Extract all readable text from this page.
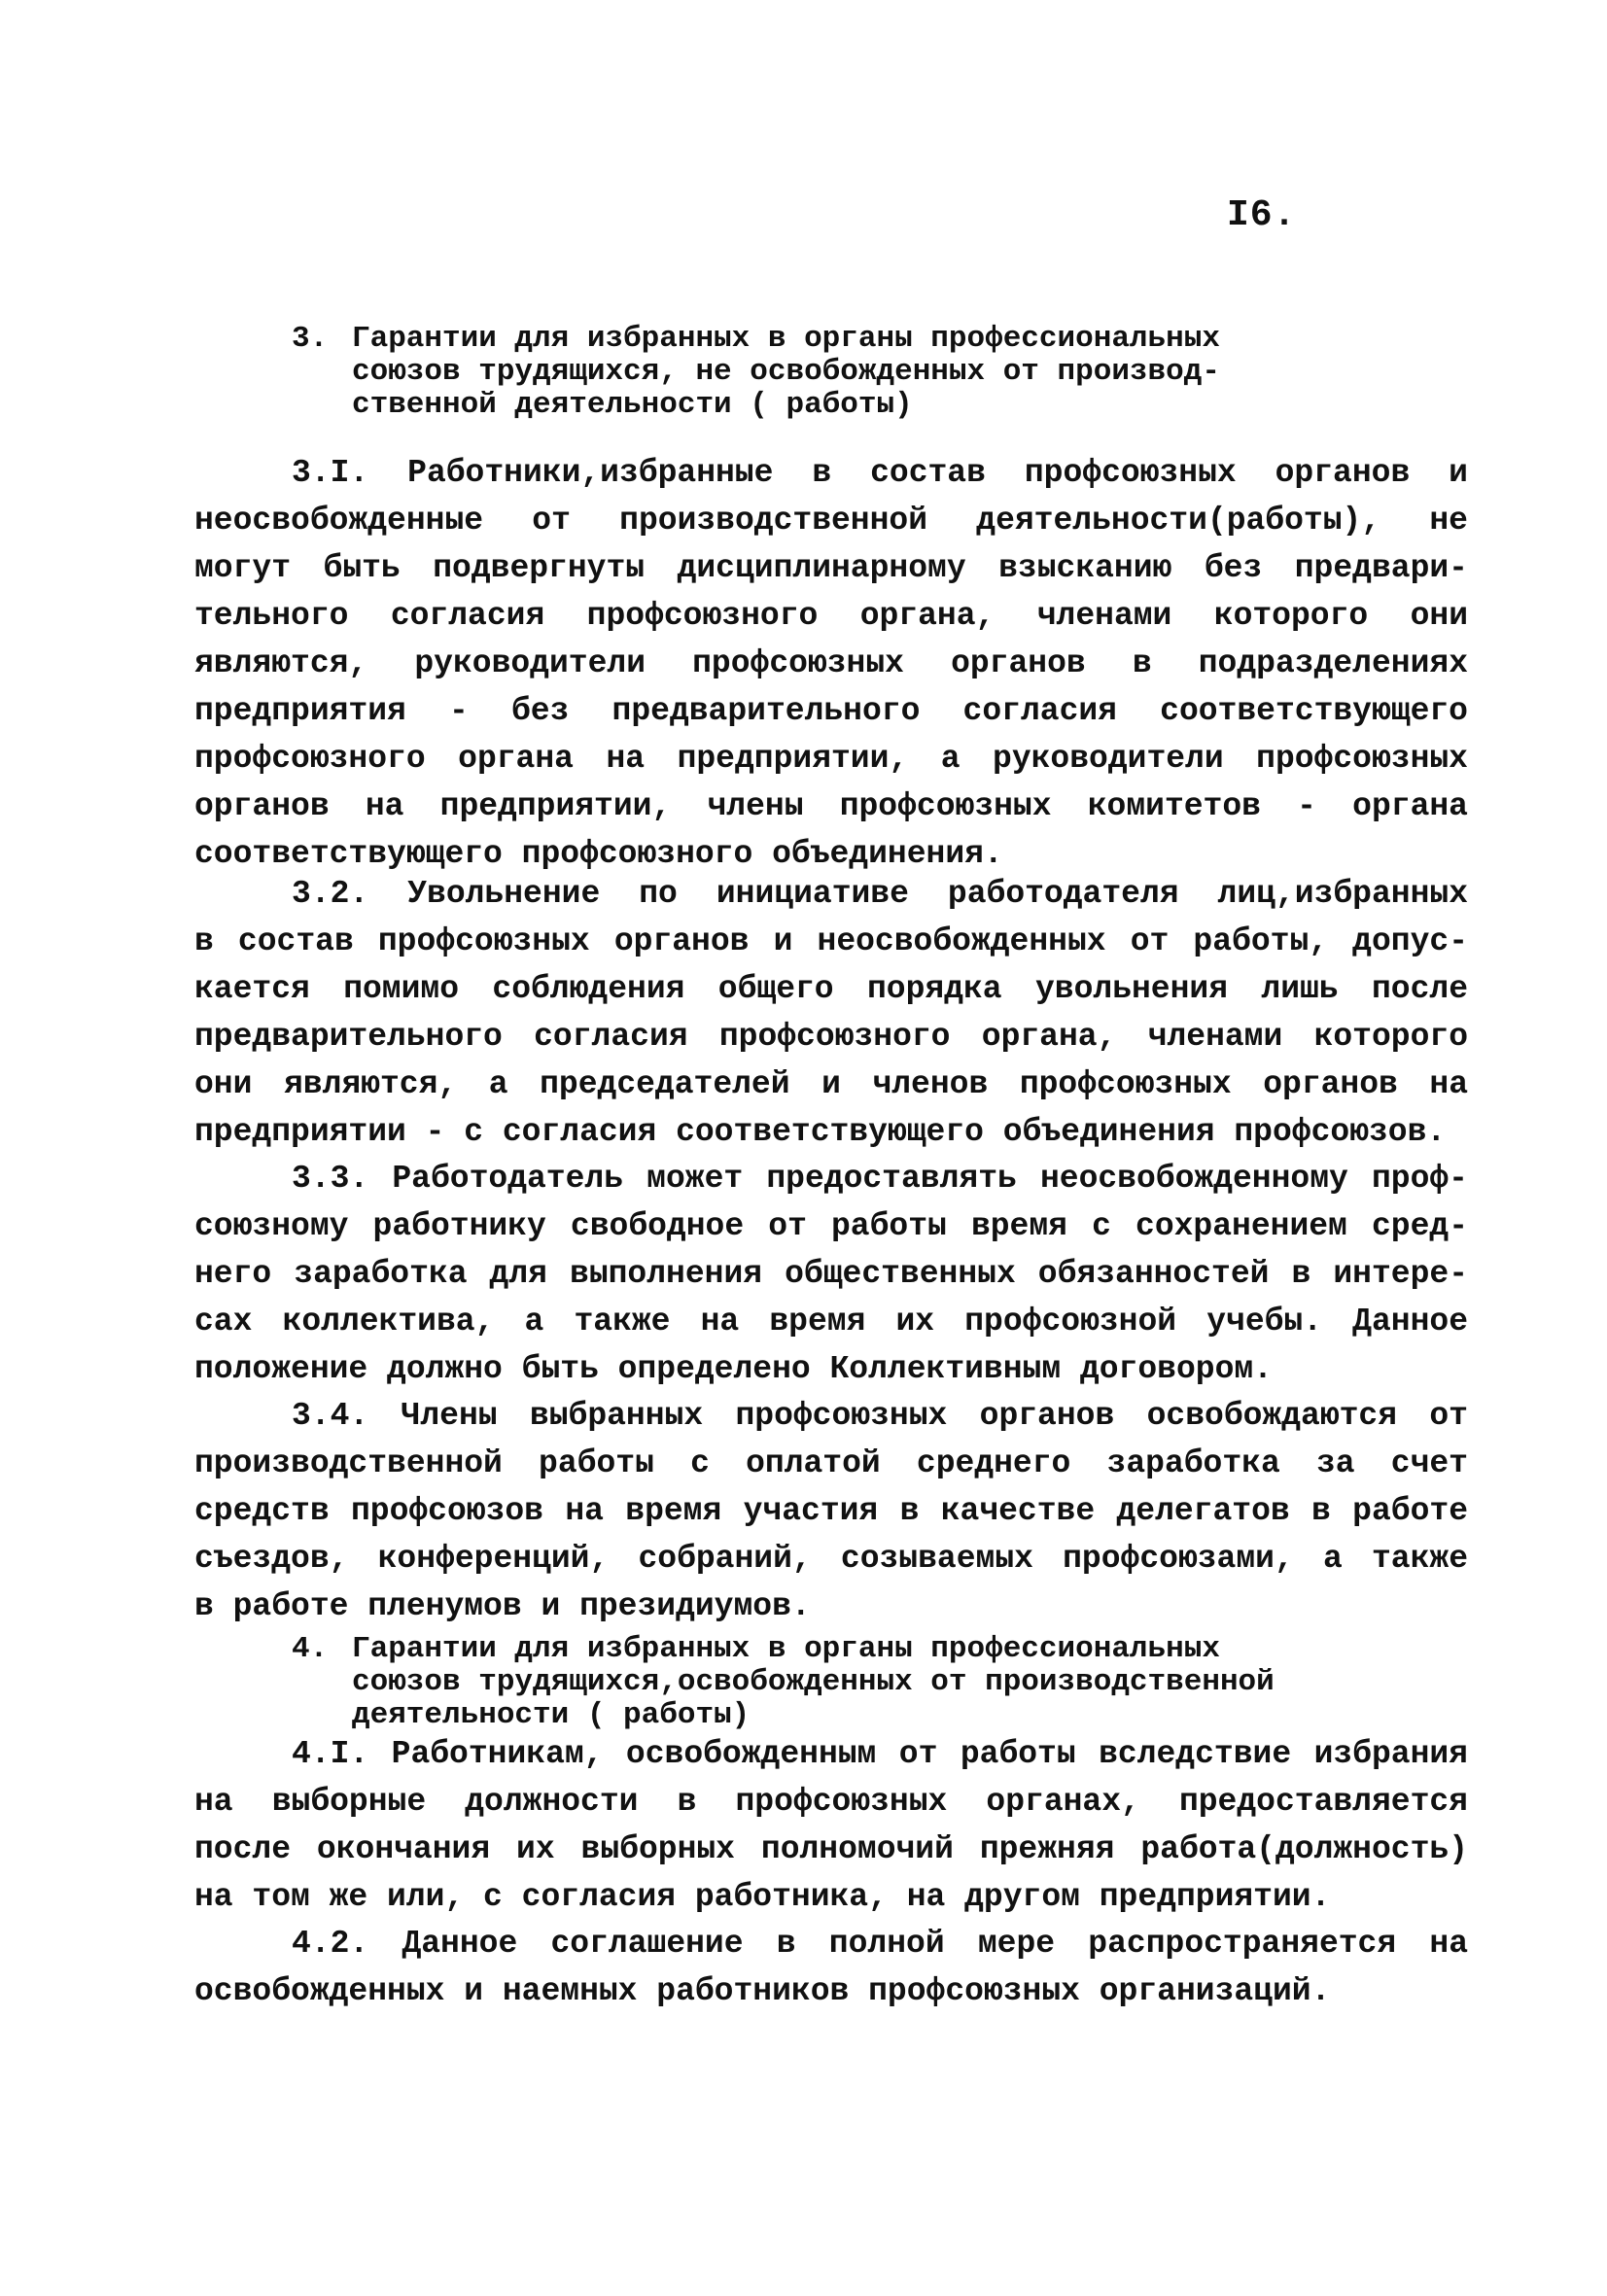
I6.
3. Гарантии для избранных в органы профессиональных
союзов трудящихся, не освобожденных от производ-
ственной деятельности ( работы)
3.I. Работники,избранные в состав профсоюзных органов и
неосвобожденные от производственной деятельности(работы), не
могут быть подвергнуты дисциплинарному взысканию без предвари-
тельного согласия профсоюзного органа, членами которого они
являются, руководители профсоюзных органов в подразделениях
предприятия - без предварительного согласия соответствующего
профсоюзного органа на предприятии, а руководители профсоюзных
органов на предприятии, члены профсоюзных комитетов - органа
соответствующего профсоюзного объединения.
3.2. Увольнение по инициативе работодателя лиц,избранных
в состав профсоюзных органов и неосвобожденных от работы, допус-
кается помимо соблюдения общего порядка увольнения лишь после
предварительного согласия профсоюзного органа, членами которого
они являются, а председателей и членов профсоюзных органов на
предприятии - с согласия соответствующего объединения профсоюзов.
3.3. Работодатель может предоставлять неосвобожденному проф-
союзному работнику свободное от работы время с сохранением сред-
него заработка для выполнения общественных обязанностей в интере-
сах коллектива, а также на время их профсоюзной учебы. Данное
положение должно быть определено Коллективным договором.
3.4. Члены выбранных профсоюзных органов освобождаются от
производственной работы с оплатой среднего заработка за счет
средств профсоюзов на время участия в качестве делегатов в работе
съездов, конференций, собраний, созываемых профсоюзами, а также
в работе пленумов и президиумов.
4. Гарантии для избранных в органы профессиональных
союзов трудящихся,освобожденных от производственной
деятельности ( работы)
4.I. Работникам, освобожденным от работы вследствие избрания
на выборные должности в профсоюзных органах, предоставляется
после окончания их выборных полномочий прежняя работа(должность)
на том же или, с согласия работника, на другом предприятии.
4.2. Данное соглашение в полной мере распространяется на
освобожденных и наемных работников профсоюзных организаций.
